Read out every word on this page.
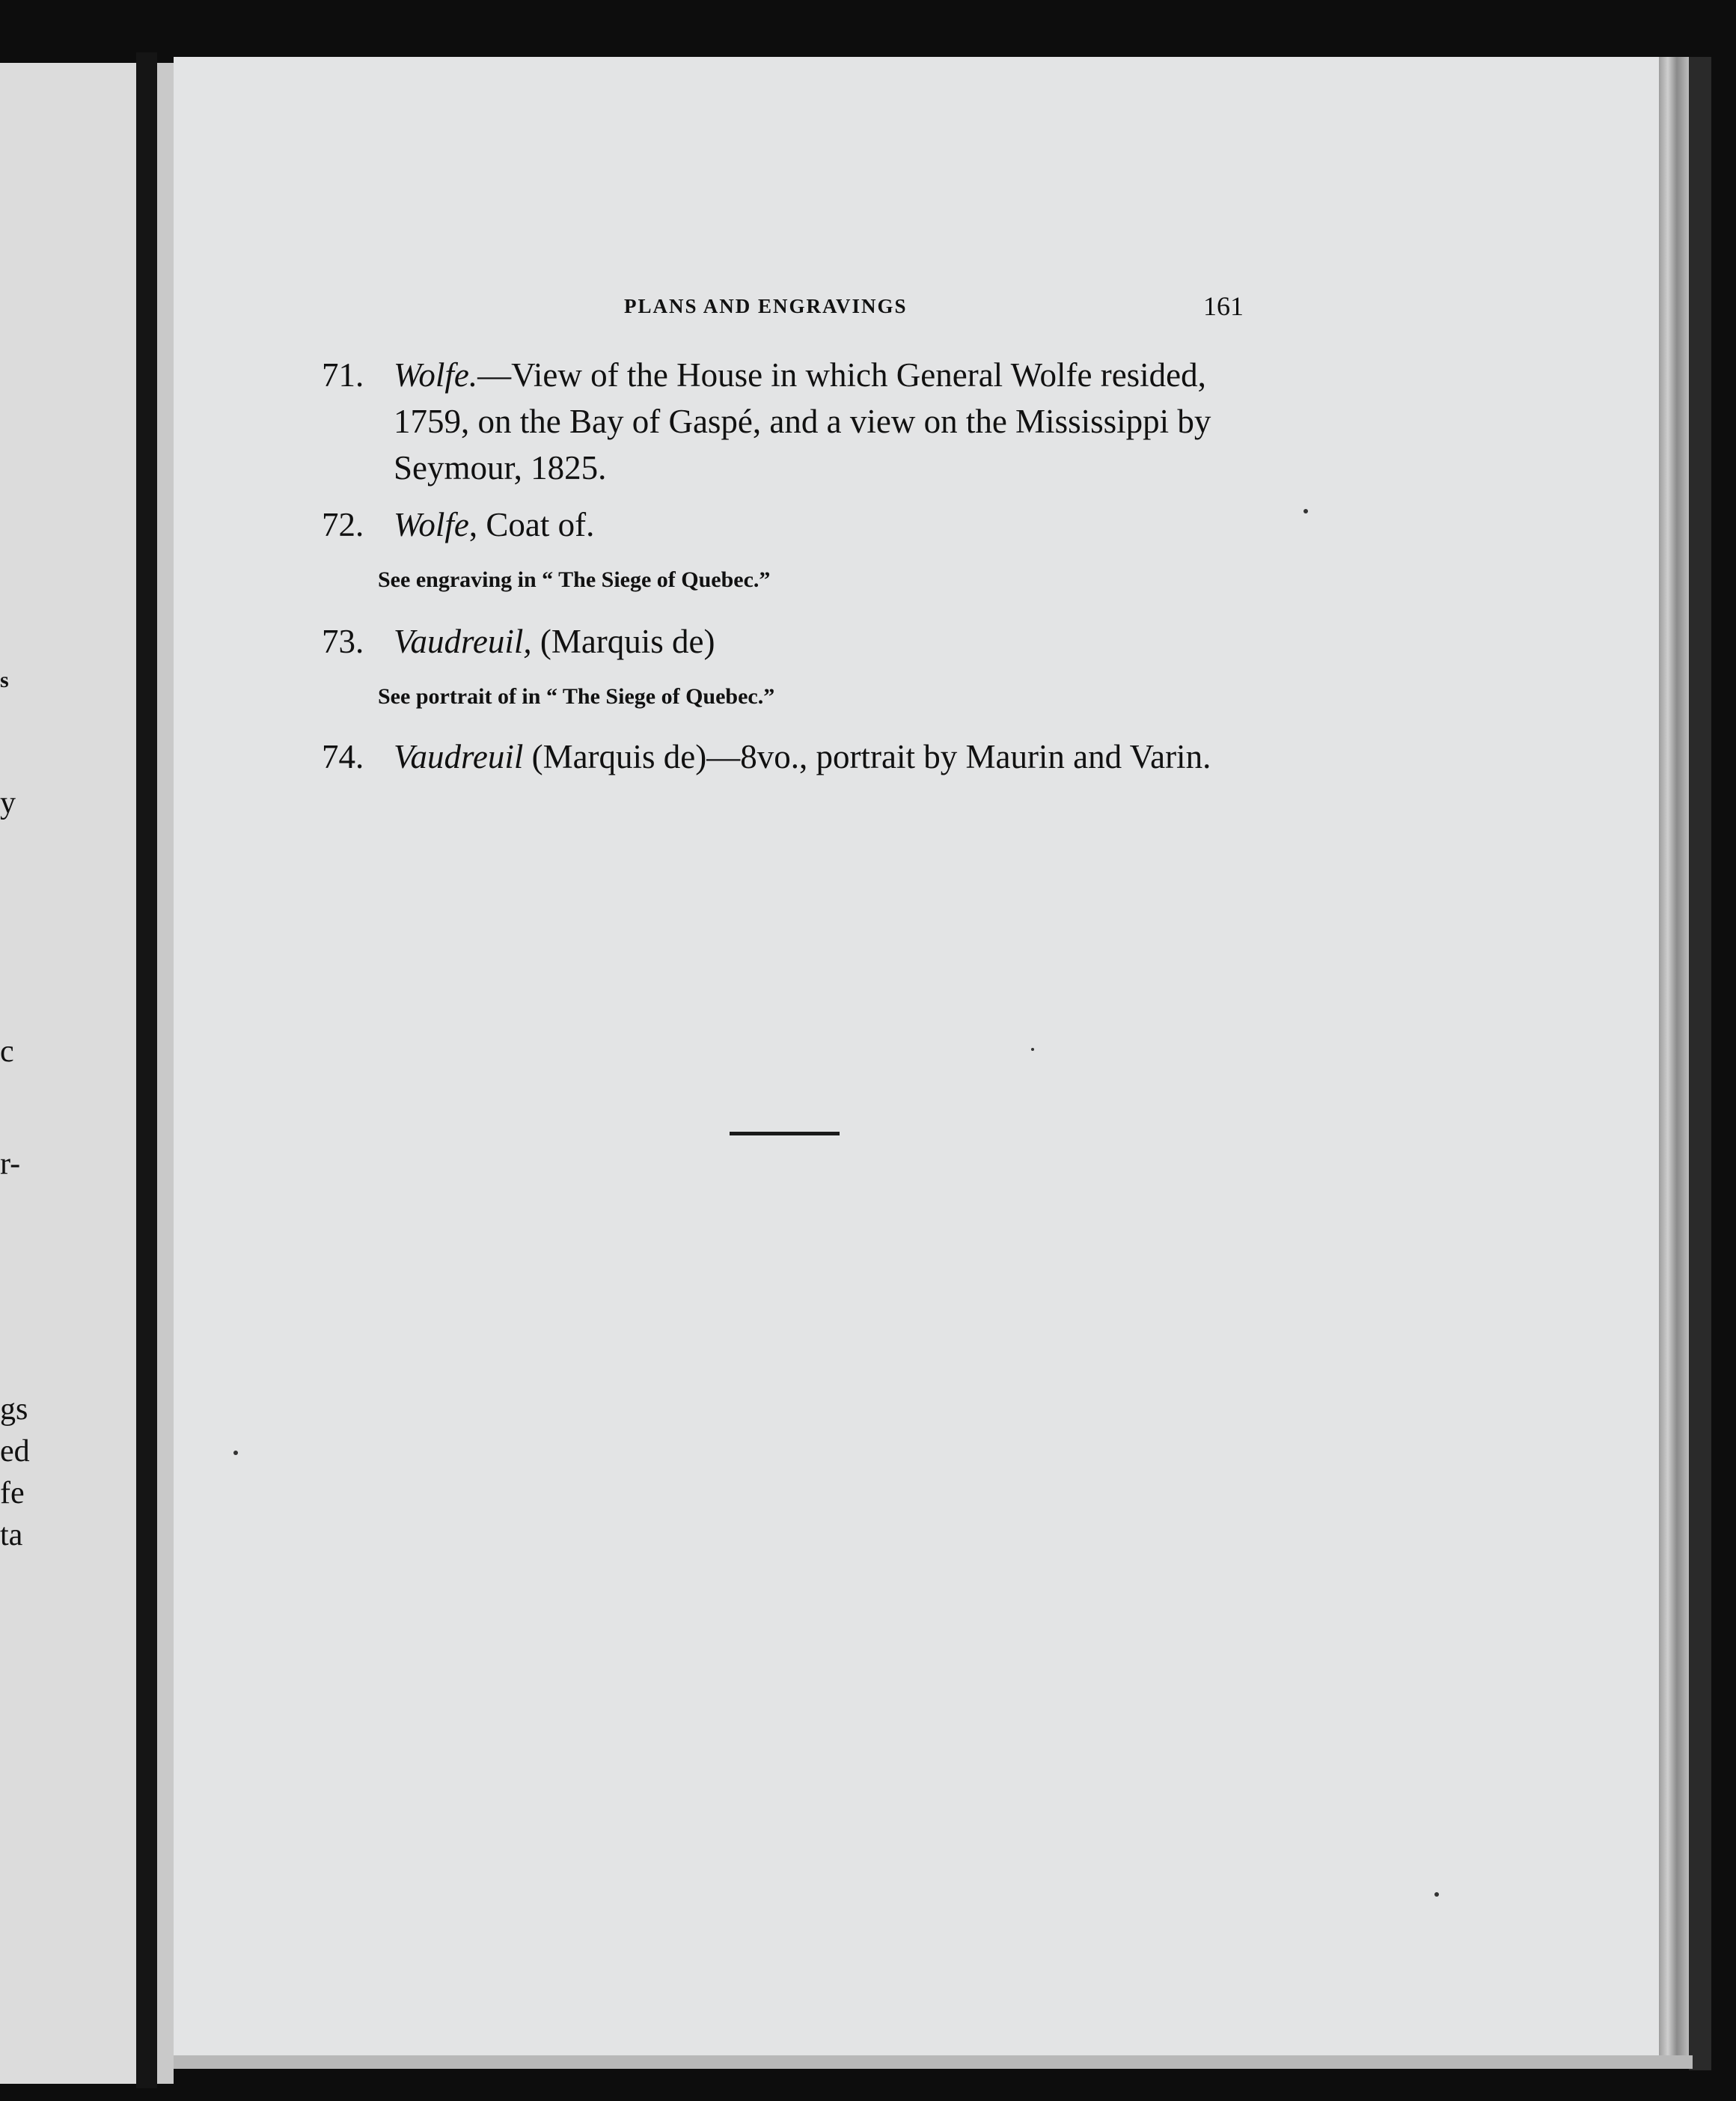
s
y
c
r-
gs
ed
fe
ta
PLANS AND ENGRAVINGS	161
71. Wolfe.—View of the House in which General Wolfe resided, 1759, on the Bay of Gaspé, and a view on the Mississippi by Seymour, 1825.
72. Wolfe, Coat of.
See engraving in “ The Siege of Quebec.”
73. Vaudreuil, (Marquis de)
See portrait of in “ The Siege of Quebec.”
74. Vaudreuil (Marquis de)—8vo., portrait by Maurin and Varin.
